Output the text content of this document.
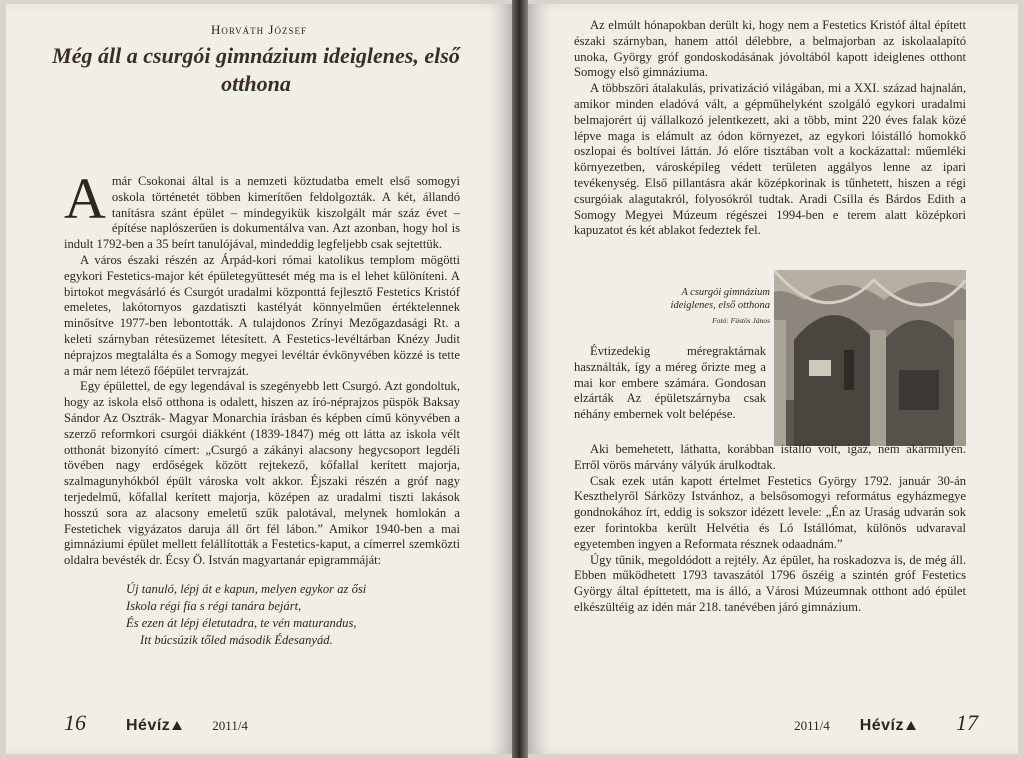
Horváth József
Még áll a csurgói gimnázium ideiglenes, első otthona

Amár Csokonai által is a nemzeti köztudatba emelt első somogyi oskola történetét többen kimerítően feldolgozták. A két, állandó tanításra szánt épület – mindegyikük kiszolgált már száz évet – építése naplószerűen is dokumentálva van. Azt azonban, hogy hol is indult 1792-ben a 35 beírt tanulójával, mindeddig legfeljebb csak sejtettük.

A város északi részén az Árpád-kori római katolikus templom mögötti egykori Festetics-major két épületegyüttesét még ma is el lehet különíteni. A birtokot megvásárló és Csurgót uradalmi központtá fejlesztő Festetics Kristóf emeletes, lakótornyos gazdatiszti kastélyát könnyelműen értéktelennek minősítve 1977-ben lebontották. A tulajdonos Zrínyi Mezőgazdasági Rt. a keleti szárnyban rétesüzemet létesített. A Festetics-levéltárban Knézy Judit néprajzos megtalálta és a Somogy megyei levéltár évkönyvében közzé is tette a már nem létező főépület tervrajzát.

Egy épülettel, de egy legendával is szegényebb lett Csurgó. Azt gondoltuk, hogy az iskola első otthona is odalett, hiszen az író-néprajzos püspök Baksay Sándor Az Osztrák- Magyar Monarchia írásban és képben című könyvében a szerző reformkori csurgói diákként (1839-1847) még ott látta az iskola vélt otthonát bizonyító címert: „Csurgó a zákányi alacsony hegycsoport legdéli tövében nagy erdőségek között rejtekező, kőfallal kerített majorja, szalmagunyhókból épült városka volt akkor. Éjszaki részén a gróf nagy terjedelmű, kőfallal kerített majorja, középen az uradalmi tiszti lakások hosszú sora az alacsony emeletű szűk palotával, melynek homlokán a Festetichek vigyázatos daruja áll őrt fél lábon.” Amikor 1940-ben a mai gimnáziumi épület mellett felállították a Festetics-kaput, a címerrel szemközti oldalra bevésték dr. Écsy Ö. István magyartanár epigrammáját:

Új tanuló, lépj át e kapun, melyen egykor az ősi
Iskola régi fia s régi tanára bejárt,
És ezen át lépj életutadra, te vén maturandus,
Itt búcsúzik tőled második Édesanyád.
16	Hévíz	2011/4

Az elmúlt hónapokban derült ki, hogy nem a Festetics Kristóf által épített északi szárnyban, hanem attól délebbre, a belmajorban az iskolaalapító unoka, György gróf gondoskodásának jóvoltából kapott ideiglenes otthont Somogy első gimnáziuma.

A többszöri átalakulás, privatizáció világában, mi a XXI. század hajnalán, amikor minden eladóvá vált, a gépműhelyként szolgáló egykori uradalmi belmajorért új vállalkozó jelentkezett, aki a több, mint 220 éves falak közé lépve maga is elámult az ódon környezet, az egykori lóistálló homokkő oszlopai és boltívei láttán. Jó előre tisztában volt a kockázattal: műemléki környezetben, városképileg védett területen aggályos lenne az ipari tevékenység. Első pillantásra akár középkorinak is tűnhetett, hiszen a régi csurgóiak alagutakról, folyosókról tudtak. Aradi Csilla és Bárdos Edith a Somogy Megyei Múzeum régészei 1994-ben e terem alatt középkori kapuzatot és két ablakot fedeztek fel.

A csurgói gimnázium ideiglenes, első otthona
Fotó: Füstös János

Évtizedekig méregraktárnak használták, így a méreg őrizte meg a mai kor embere számára. Gondosan elzárták Az épületszárnyba csak néhány embernek volt belépése.

Aki bemehetett, láthatta, korábban istálló volt, igaz, nem akármilyen. Erről vörös márvány vályúk árulkodtak.

Csak ezek után kapott értelmet Festetics György 1792. január 30-án Keszthelyről Sárközy Istvánhoz, a belsősomogyi református egyházmegye gondnokához írt, eddig is sokszor idézett levele: „Én az Uraság udvarán sok ezer forintokba került Helvétia és Ló Istállómat, különös udvaraval egyetemben ingyen a Reformata résznek odaadnám.”

Úgy tűnik, megoldódott a rejtély. Az épület, ha roskadozva is, de még áll. Ebben működhetett 1793 tavaszától 1796 őszéig a szintén gróf Festetics György által építtetett, ma is álló, a Városi Múzeumnak otthont adó épület elkészültéig az idén már 218. tanévében járó gimnázium.

2011/4 Hévíz 17
